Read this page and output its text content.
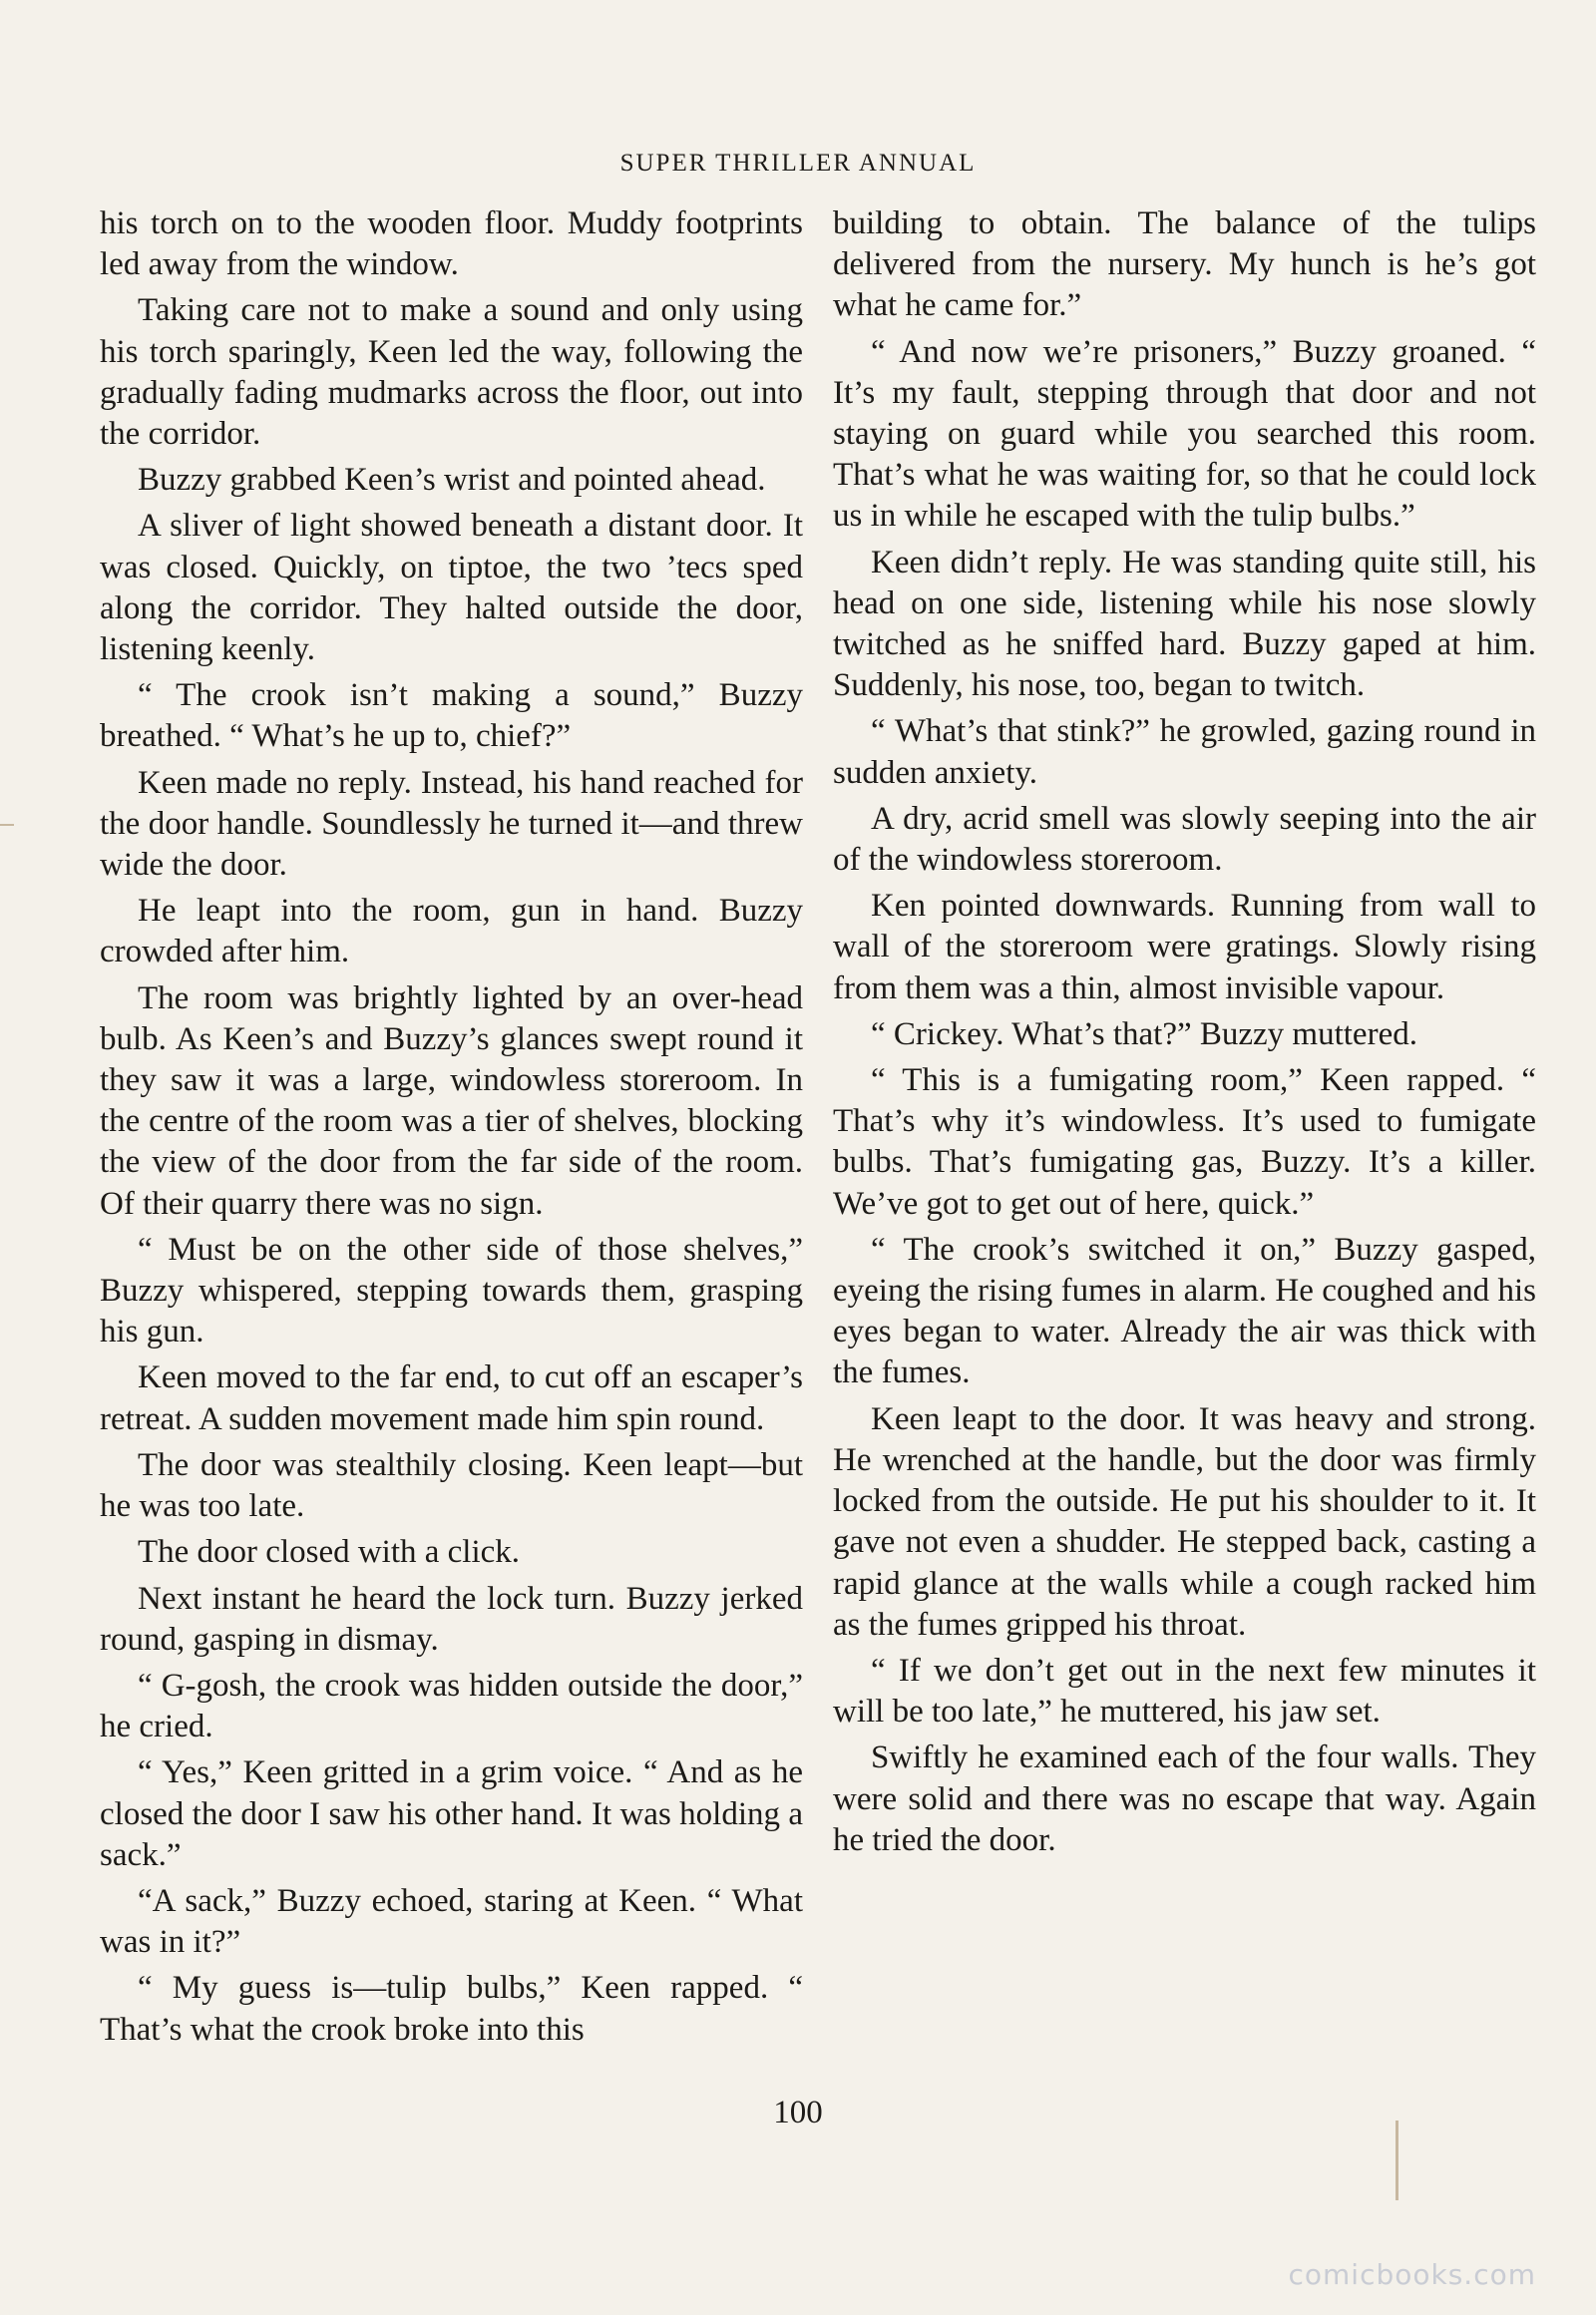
SUPER THRILLER ANNUAL

his torch on to the wooden floor. Muddy footprints led away from the window.

Taking care not to make a sound and only using his torch sparingly, Keen led the way, following the gradually fading mudmarks across the floor, out into the corridor.

Buzzy grabbed Keen’s wrist and pointed ahead.

A sliver of light showed beneath a distant door. It was closed. Quickly, on tiptoe, the two ’tecs sped along the corridor. They halted outside the door, listening keenly.

“ The crook isn’t making a sound,” Buzzy breathed. “ What’s he up to, chief?”

Keen made no reply. Instead, his hand reached for the door handle. Soundlessly he turned it—and threw wide the door.

He leapt into the room, gun in hand. Buzzy crowded after him.

The room was brightly lighted by an over-head bulb. As Keen’s and Buzzy’s glances swept round it they saw it was a large, windowless storeroom. In the centre of the room was a tier of shelves, blocking the view of the door from the far side of the room. Of their quarry there was no sign.

“ Must be on the other side of those shelves,” Buzzy whispered, stepping towards them, grasping his gun.

Keen moved to the far end, to cut off an escaper’s retreat. A sudden movement made him spin round.

The door was stealthily closing. Keen leapt—but he was too late.

The door closed with a click.

Next instant he heard the lock turn. Buzzy jerked round, gasping in dismay.

“ G-gosh, the crook was hidden outside the door,” he cried.

“ Yes,” Keen gritted in a grim voice. “ And as he closed the door I saw his other hand. It was holding a sack.”

“A sack,” Buzzy echoed, staring at Keen. “ What was in it?”

“ My guess is—tulip bulbs,” Keen rapped. “ That’s what the crook broke into this

building to obtain. The balance of the tulips delivered from the nursery. My hunch is he’s got what he came for.”

“ And now we’re prisoners,” Buzzy groaned. “ It’s my fault, stepping through that door and not staying on guard while you searched this room. That’s what he was waiting for, so that he could lock us in while he escaped with the tulip bulbs.”

Keen didn’t reply. He was standing quite still, his head on one side, listening while his nose slowly twitched as he sniffed hard. Buzzy gaped at him. Suddenly, his nose, too, began to twitch.

“ What’s that stink?” he growled, gazing round in sudden anxiety.

A dry, acrid smell was slowly seeping into the air of the windowless storeroom.

Ken pointed downwards. Running from wall to wall of the storeroom were gratings. Slowly rising from them was a thin, almost invisible vapour.

“ Crickey. What’s that?” Buzzy muttered.

“ This is a fumigating room,” Keen rapped. “ That’s why it’s windowless. It’s used to fumigate bulbs. That’s fumigating gas, Buzzy. It’s a killer. We’ve got to get out of here, quick.”

“ The crook’s switched it on,” Buzzy gasped, eyeing the rising fumes in alarm. He coughed and his eyes began to water. Already the air was thick with the fumes.

Keen leapt to the door. It was heavy and strong. He wrenched at the handle, but the door was firmly locked from the outside. He put his shoulder to it. It gave not even a shudder. He stepped back, casting a rapid glance at the walls while a cough racked him as the fumes gripped his throat.

“ If we don’t get out in the next few minutes it will be too late,” he muttered, his jaw set.

Swiftly he examined each of the four walls. They were solid and there was no escape that way. Again he tried the door.

100
comicbooks.com
